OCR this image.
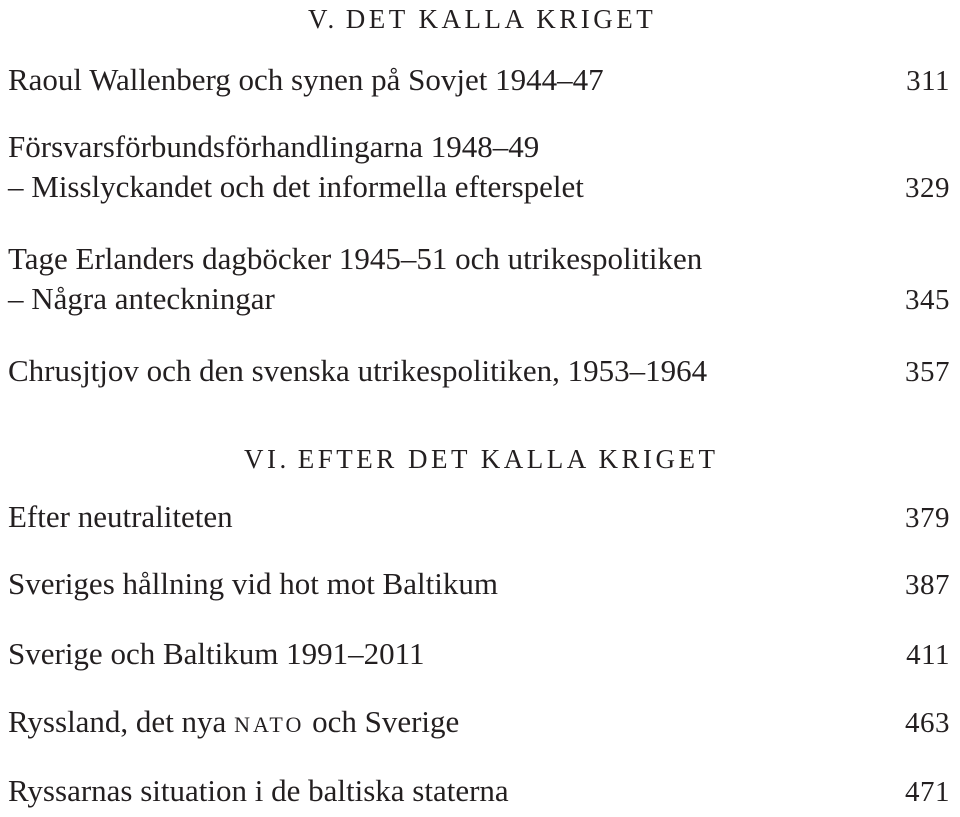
V. DET KALLA KRIGET
Raoul Wallenberg och synen på Sovjet 1944–47	311
Försvarsförbundsförhandlingarna 1948–49
– Misslyckandet och det informella efterspelet	329
Tage Erlanders dagböcker 1945–51 och utrikespolitiken
– Några anteckningar	345
Chrusjtjov och den svenska utrikespolitiken, 1953–1964	357
VI. EFTER DET KALLA KRIGET
Efter neutraliteten	379
Sveriges hållning vid hot mot Baltikum	387
Sverige och Baltikum 1991–2011	411
Ryssland, det nya nato och Sverige	463
Ryssarnas situation i de baltiska staterna	471
